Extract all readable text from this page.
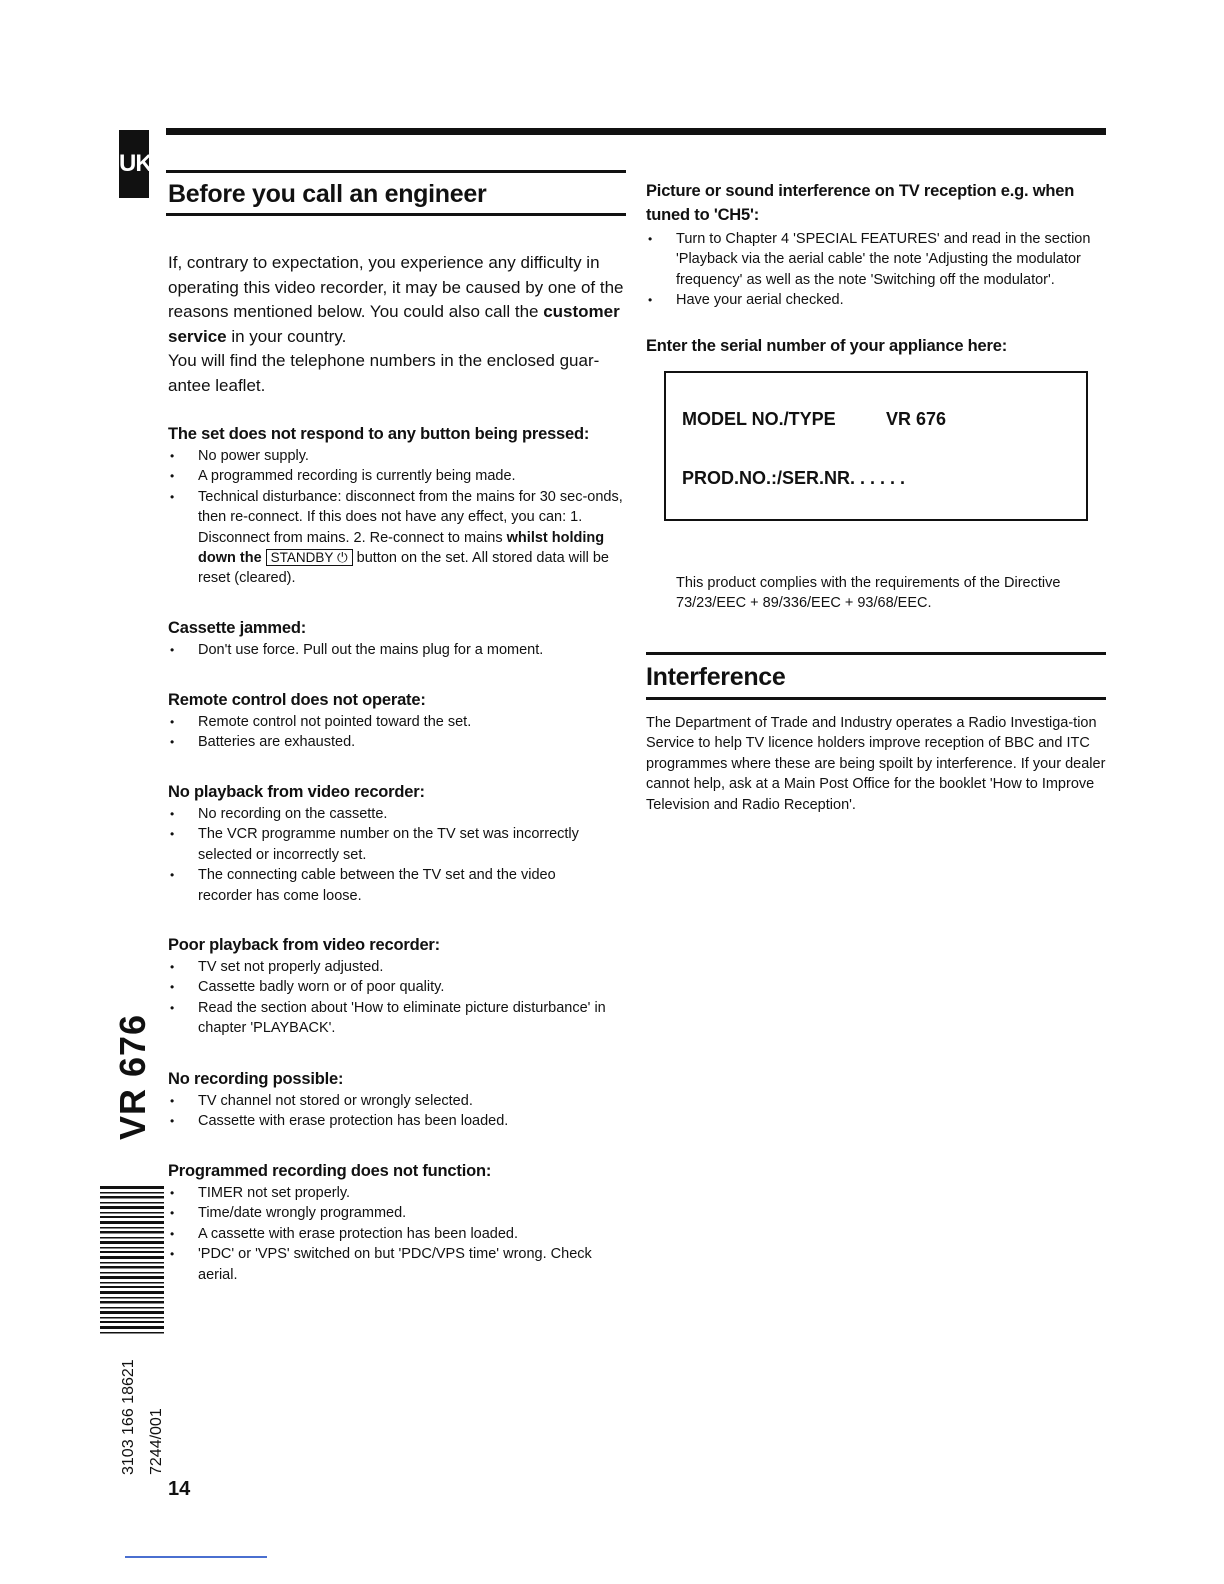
UK
Before you call an engineer

If, contrary to expectation, you experience any difficulty in operating this video recorder, it may be caused by one of the reasons mentioned below. You could also call the customer service in your country.

You will find the telephone numbers in the enclosed guar-antee leaflet.

The set does not respond to any button being pressed:
• No power supply.
• A programmed recording is currently being made.
• Technical disturbance: disconnect from the mains for 30 sec-onds, then re-connect. If this does not have any effect, you can: 1. Disconnect from mains. 2. Re-connect to mains whilst holding down the STANDBY ⏻ button on the set. All stored data will be reset (cleared).
Cassette jammed:
• Don't use force. Pull out the mains plug for a moment.
Remote control does not operate:
• Remote control not pointed toward the set.
• Batteries are exhausted.
No playback from video recorder:
• No recording on the cassette.
• The VCR programme number on the TV set was incorrectly selected or incorrectly set.
• The connecting cable between the TV set and the video recorder has come loose.
Poor playback from video recorder:
• TV set not properly adjusted.
• Cassette badly worn or of poor quality.
• Read the section about 'How to eliminate picture disturbance' in chapter 'PLAYBACK'.
No recording possible:
• TV channel not stored or wrongly selected.
• Cassette with erase protection has been loaded.
Programmed recording does not function:
• TIMER not set properly.
• Time/date wrongly programmed.
• A cassette with erase protection has been loaded.
• 'PDC' or 'VPS' switched on but 'PDC/VPS time' wrong. Check aerial.
Picture or sound interference on TV reception e.g. when tuned to 'CH5':
• Turn to Chapter 4 'SPECIAL FEATURES' and read in the section 'Playback via the aerial cable' the note 'Adjusting the modulator frequency' as well as the note 'Switching off the modulator'.
• Have your aerial checked.
Enter the serial number of your appliance here:
MODEL NO./TYPE	VR 676
PROD.NO.:/SER.NR. . . . . .
This product complies with the requirements of the Directive 73/23/EEC + 89/336/EEC + 93/68/EEC.
Interference
The Department of Trade and Industry operates a Radio Investiga-tion Service to help TV licence holders improve reception of BBC and ITC programmes where these are being spoilt by interference. If your dealer cannot help, ask at a Main Post Office for the booklet 'How to Improve Television and Radio Reception'.
VR 676
3103 166 18621 7244/001
14
